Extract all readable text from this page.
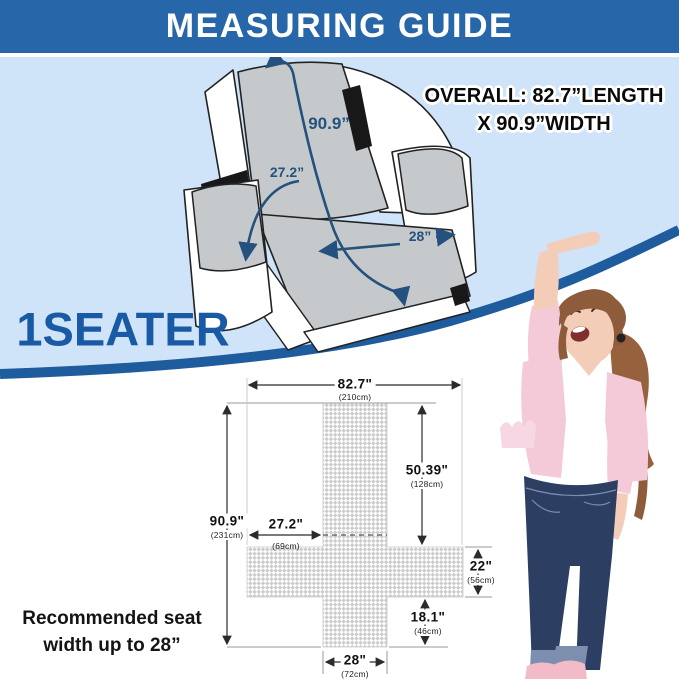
MEASURING GUIDE
OVERALL: 82.7”LENGTH
X 90.9”WIDTH
1SEATER
90.9”
27.2”
28”
82.7"
(210cm)
90.9"
(231cm)
50.39"
(128cm)
27.2"
(69cm)
22"
(56cm)
18.1"
(46cm)
28"
(72cm)
Recommended seat
width up to 28”
